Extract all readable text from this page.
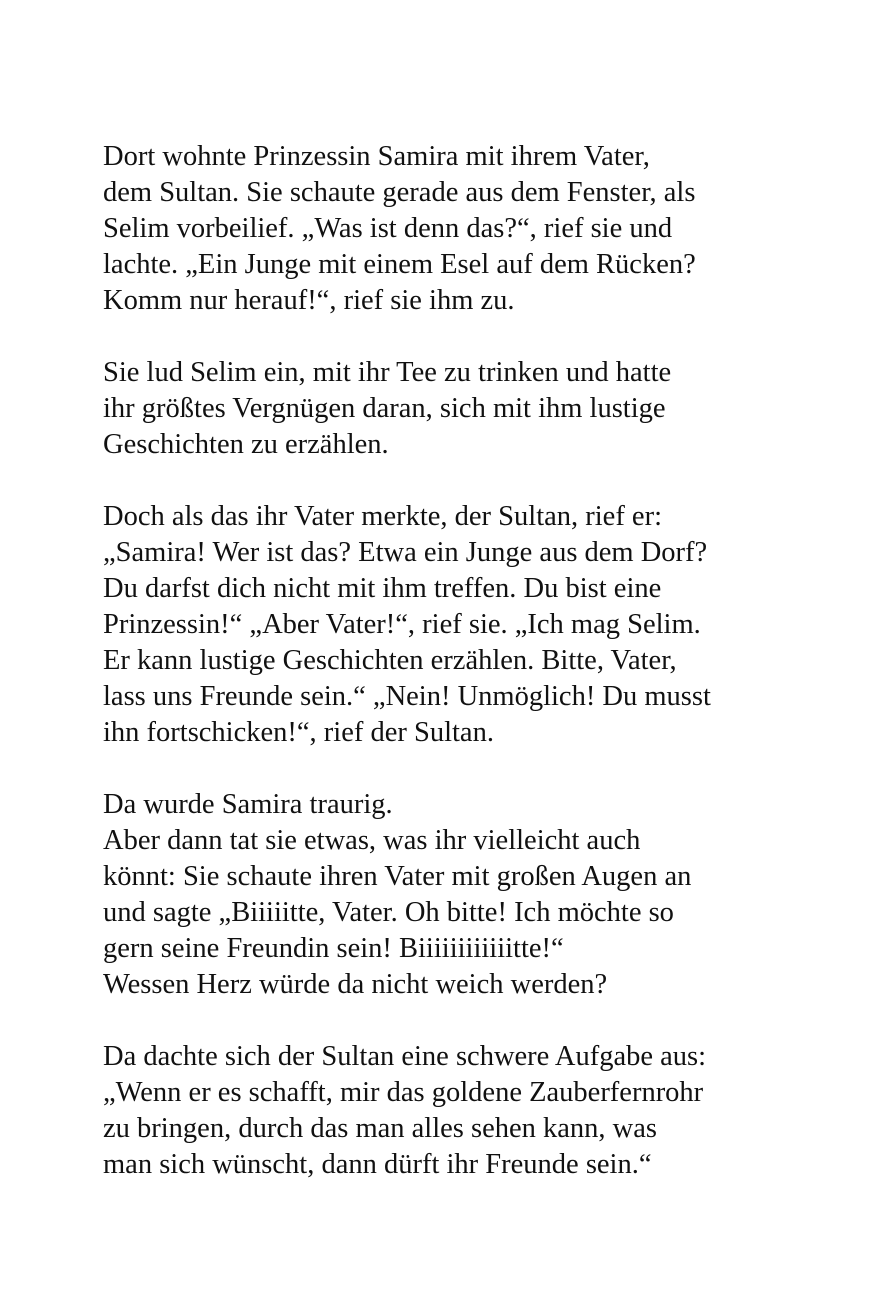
Dort wohnte Prinzessin Samira mit ihrem Vater,
dem Sultan. Sie schaute gerade aus dem Fenster, als
Selim vorbeilief. „Was ist denn das?“, rief sie und
lachte. „Ein Junge mit einem Esel auf dem Rücken?
Komm nur herauf!“, rief sie ihm zu.

Sie lud Selim ein, mit ihr Tee zu trinken und hatte
ihr größtes Vergnügen daran, sich mit ihm lustige
Geschichten zu erzählen.

Doch als das ihr Vater merkte, der Sultan, rief er:
„Samira! Wer ist das? Etwa ein Junge aus dem Dorf?
Du darfst dich nicht mit ihm treffen. Du bist eine
Prinzessin!“ „Aber Vater!“, rief sie. „Ich mag Selim.
Er kann lustige Geschichten erzählen. Bitte, Vater,
lass uns Freunde sein.“ „Nein! Unmöglich! Du musst
ihn fortschicken!“, rief der Sultan.

Da wurde Samira traurig.
Aber dann tat sie etwas, was ihr vielleicht auch
könnt: Sie schaute ihren Vater mit großen Augen an
und sagte „Biiiiitte, Vater. Oh bitte! Ich möchte so
gern seine Freundin sein! Biiiiiiiiiiiitte!“
Wessen Herz würde da nicht weich werden?

Da dachte sich der Sultan eine schwere Aufgabe aus:
„Wenn er es schafft, mir das goldene Zauberfernrohr
zu bringen, durch das man alles sehen kann, was
man sich wünscht, dann dürft ihr Freunde sein.“
